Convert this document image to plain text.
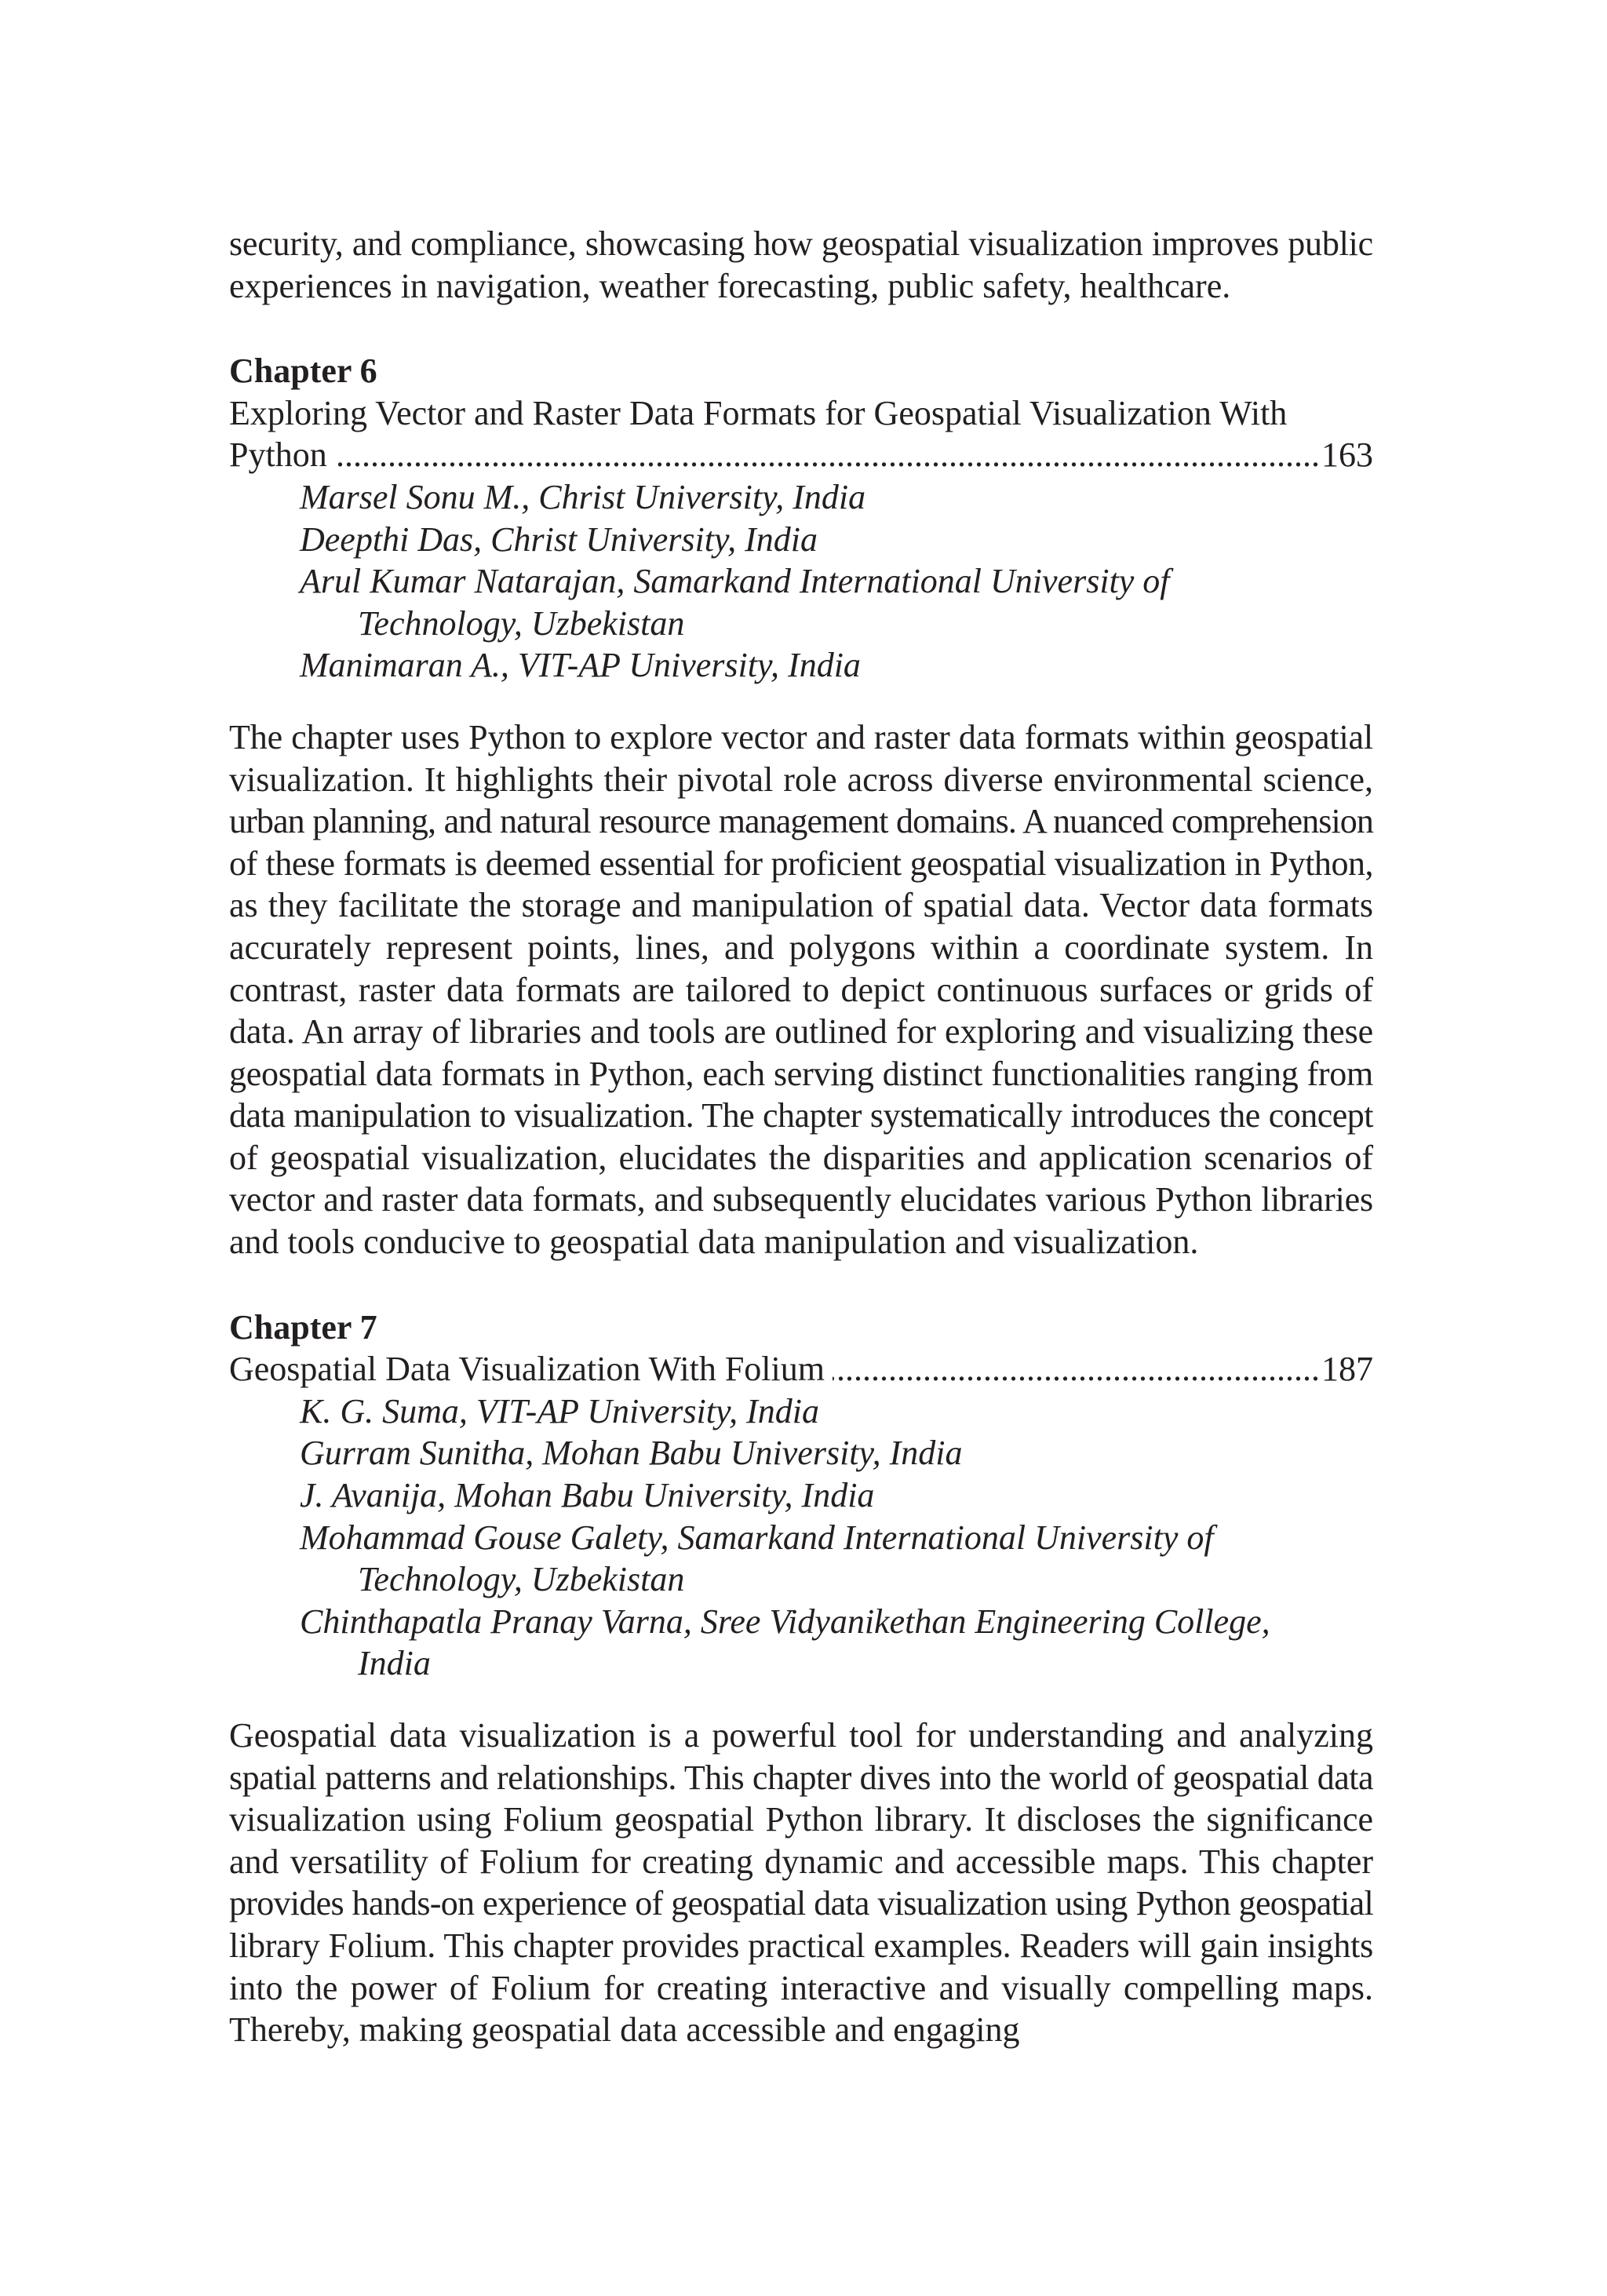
security, and compliance, showcasing how geospatial visualization improves public
experiences in navigation, weather forecasting, public safety, healthcare.
Chapter 6
Exploring Vector and Raster Data Formats for Geospatial Visualization With
Python .....	163
Marsel Sonu M., Christ University, India
Deepthi Das, Christ University, India
Arul Kumar Natarajan, Samarkand International University of
Technology, Uzbekistan
Manimaran A., VIT-AP University, India
The chapter uses Python to explore vector and raster data formats within geospatial
visualization. It highlights their pivotal role across diverse environmental science,
urban planning, and natural resource management domains. A nuanced comprehension
of these formats is deemed essential for proficient geospatial visualization in Python,
as they facilitate the storage and manipulation of spatial data. Vector data formats
accurately represent points, lines, and polygons within a coordinate system. In
contrast, raster data formats are tailored to depict continuous surfaces or grids of
data. An array of libraries and tools are outlined for exploring and visualizing these
geospatial data formats in Python, each serving distinct functionalities ranging from
data manipulation to visualization. The chapter systematically introduces the concept
of geospatial visualization, elucidates the disparities and application scenarios of
vector and raster data formats, and subsequently elucidates various Python libraries
and tools conducive to geospatial data manipulation and visualization.
Chapter 7
Geospatial Data Visualization With Folium .....	187
K. G. Suma, VIT-AP University, India
Gurram Sunitha, Mohan Babu University, India
J. Avanija, Mohan Babu University, India
Mohammad Gouse Galety, Samarkand International University of
Technology, Uzbekistan
Chinthapatla Pranay Varna, Sree Vidyanikethan Engineering College,
India
Geospatial data visualization is a powerful tool for understanding and analyzing
spatial patterns and relationships. This chapter dives into the world of geospatial data
visualization using Folium geospatial Python library. It discloses the significance
and versatility of Folium for creating dynamic and accessible maps. This chapter
provides hands-on experience of geospatial data visualization using Python geospatial
library Folium. This chapter provides practical examples. Readers will gain insights
into the power of Folium for creating interactive and visually compelling maps.
Thereby, making geospatial data accessible and engaging
